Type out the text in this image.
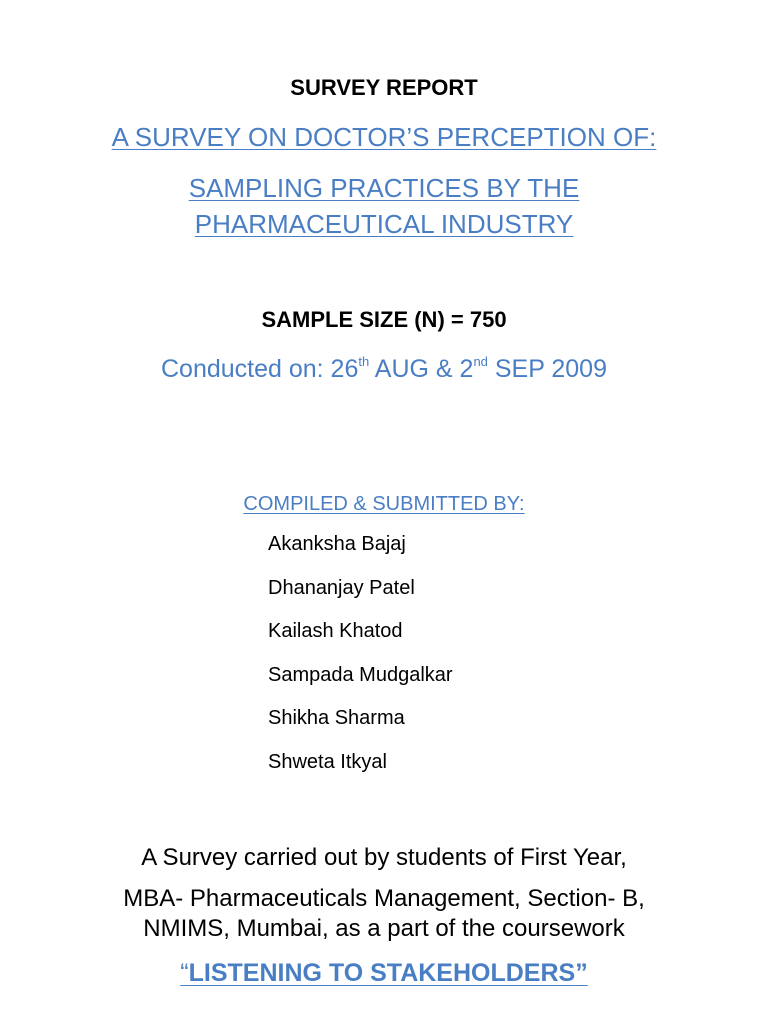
SURVEY REPORT

A SURVEY ON DOCTOR’S PERCEPTION OF:

SAMPLING PRACTICES BY THE

PHARMACEUTICAL INDUSTRY

SAMPLE SIZE (N) = 750

Conducted on: 26th AUG & 2nd SEP 2009

COMPILED & SUBMITTED BY:

Akanksha Bajaj
Dhananjay Patel
Kailash Khatod
Sampada Mudgalkar
Shikha Sharma
Shweta Itkyal

A Survey carried out by students of First Year,

MBA- Pharmaceuticals Management, Section- B,

NMIMS, Mumbai, as a part of the coursework

“LISTENING TO STAKEHOLDERS”
